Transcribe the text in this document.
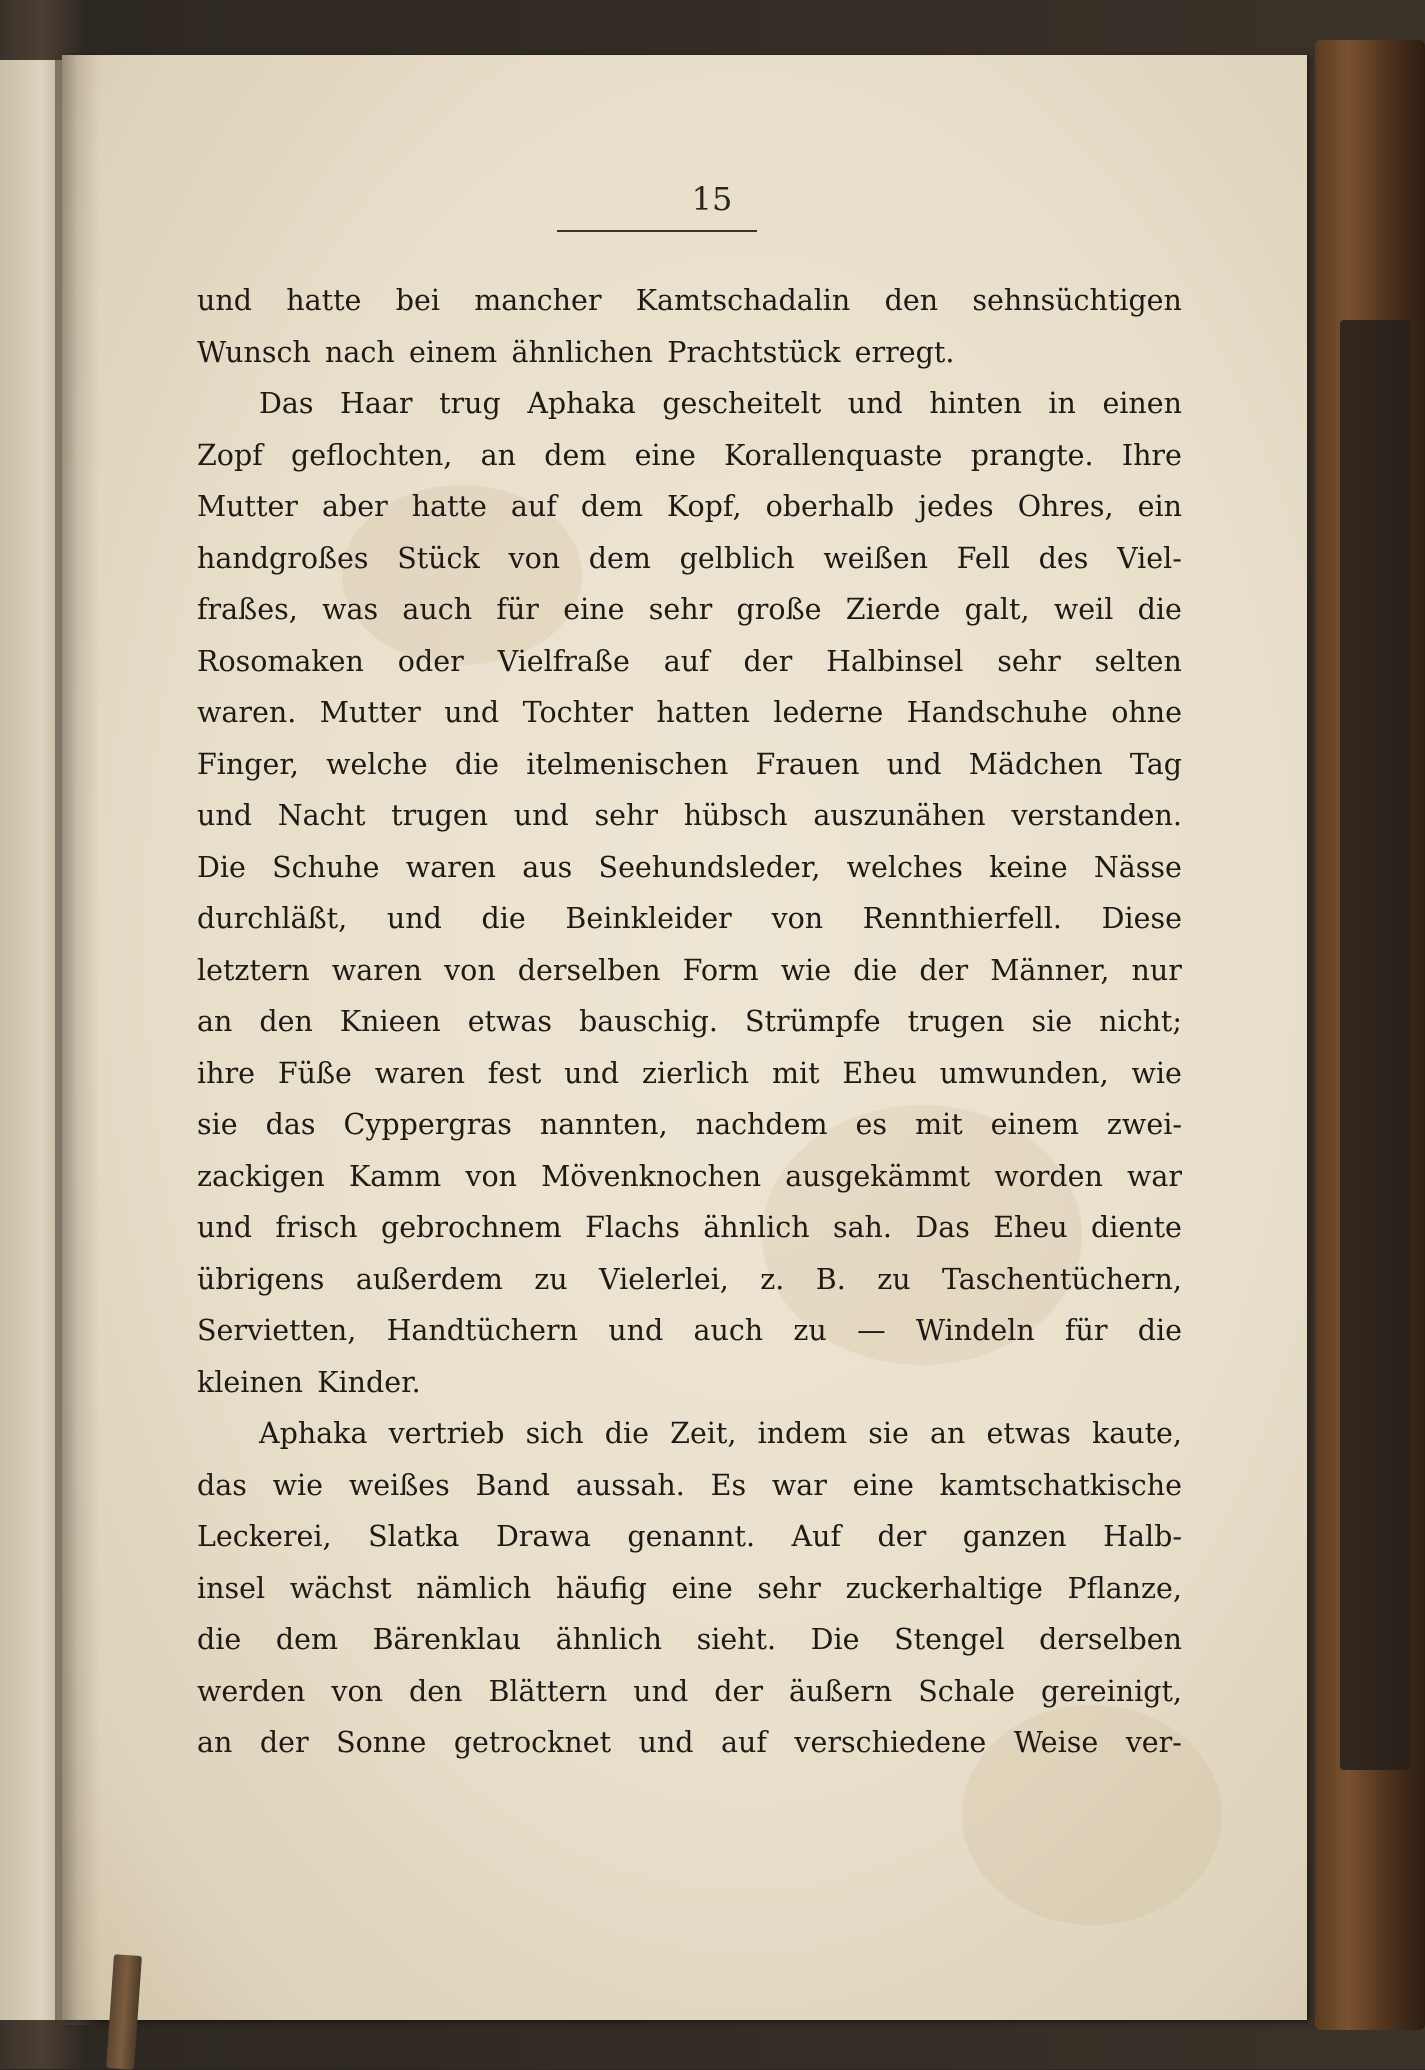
15
und hatte bei mancher Kamtschadalin den sehnsüchtigen
Wunsch nach einem ähnlichen Prachtstück erregt.
Das Haar trug Aphaka gescheitelt und hinten in einen
Zopf geflochten, an dem eine Korallenquaste prangte. Ihre
Mutter aber hatte auf dem Kopf, oberhalb jedes Ohres, ein
handgroßes Stück von dem gelblich weißen Fell des Viel-
fraßes, was auch für eine sehr große Zierde galt, weil die
Rosomaken oder Vielfraße auf der Halbinsel sehr selten
waren. Mutter und Tochter hatten lederne Handschuhe ohne
Finger, welche die itelmenischen Frauen und Mädchen Tag
und Nacht trugen und sehr hübsch auszunähen verstanden.
Die Schuhe waren aus Seehundsleder, welches keine Nässe
durchläßt, und die Beinkleider von Rennthierfell. Diese
letztern waren von derselben Form wie die der Männer, nur
an den Knieen etwas bauschig. Strümpfe trugen sie nicht;
ihre Füße waren fest und zierlich mit Eheu umwunden, wie
sie das Cyppergras nannten, nachdem es mit einem zwei-
zackigen Kamm von Mövenknochen ausgekämmt worden war
und frisch gebrochnem Flachs ähnlich sah. Das Eheu diente
übrigens außerdem zu Vielerlei, z. B. zu Taschentüchern,
Servietten, Handtüchern und auch zu — Windeln für die
kleinen Kinder.
Aphaka vertrieb sich die Zeit, indem sie an etwas kaute,
das wie weißes Band aussah. Es war eine kamtschatkische
Leckerei, Slatka Drawa genannt. Auf der ganzen Halb-
insel wächst nämlich häufig eine sehr zuckerhaltige Pflanze,
die dem Bärenklau ähnlich sieht. Die Stengel derselben
werden von den Blättern und der äußern Schale gereinigt,
an der Sonne getrocknet und auf verschiedene Weise ver-
